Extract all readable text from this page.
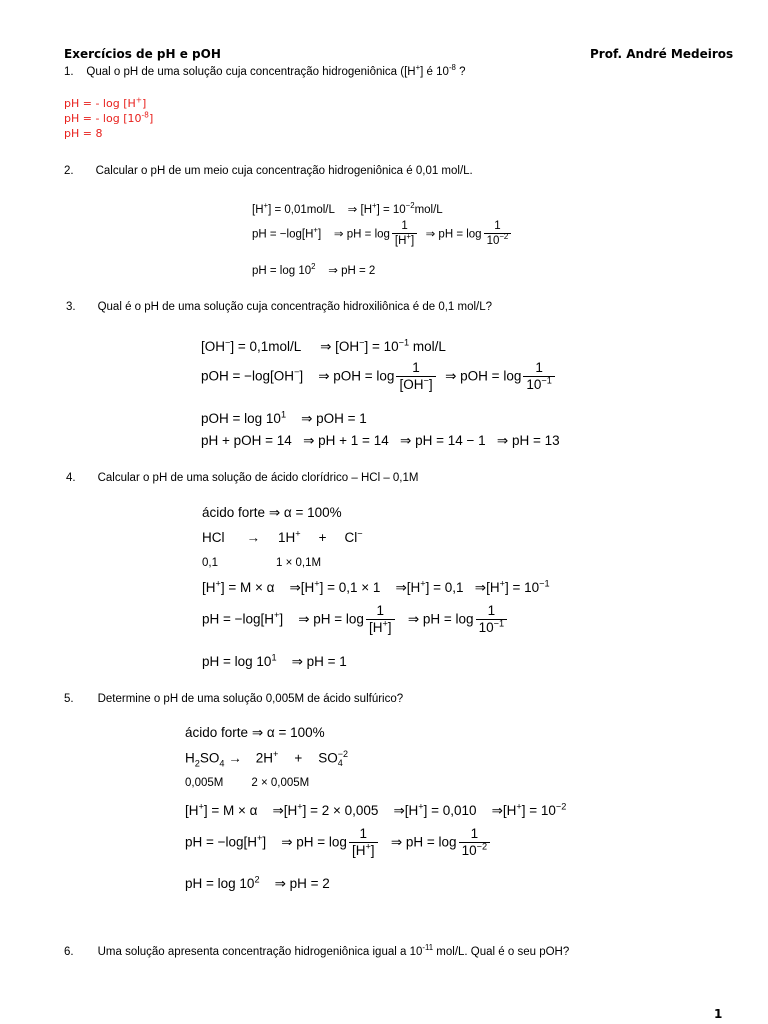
Exercícios de pH e pOH	Prof. André Medeiros
1. Qual o pH de uma solução cuja concentração hidrogeniônica ([H+] é $10^{-8}$ ?
pH = - log [H+]
pH = - $\log [10^{-8}]$
pH = 8
2. Calcular o pH de um meio cuja concentração hidrogeniônica é 0,01 mol/L.
[H+] = 0,01mol/L ⇒ $[H^+] = 10^{-2}mol/L$
pH = −log[H+] ⇒ pH = $\log \frac{1}{[H^+]}$ ⇒ pH = $\log \frac{1}{10^{-2}}$
pH = $\log 10^2$ ⇒ pH = 2
3. Qual é o pH de uma solução cuja concentração hidroxiliônica é de 0,1 mol/L?
[OH−] = 0,1mol/L ⇒ $[OH^-] = 10^{-1}$ mol/L
pOH = −log[OH−] ⇒ pOH = $\log \frac{1}{[OH^-]}$ ⇒ pOH = $\log \frac{1}{10^{-1}}$
pOH = $\log 10^1$ ⇒ pOH = 1
pH + pOH = 14 ⇒ pH + 1 = 14 ⇒ pH = 14 − 1 ⇒ pH = 13
4. Calcular o pH de uma solução de ácido clorídrico – HCl – 0,1M
ácido forte ⇒ α = 100%
HCl → 1H+ + Cl−
0,1	1 × 0,1M
[H+] = M × α ⇒[H+] = 0,1 × 1 ⇒[H+] = 0,1 ⇒[H+] = $10^{-1}$
pH = −log[H+] ⇒ pH = $\log \frac{1}{[H^+]}$ ⇒ pH = $\log \frac{1}{10^{-1}}$
pH = $\log 10^1$ ⇒ pH = 1
5. Determine o pH de uma solução 0,005M de ácido sulfúrico?
ácido forte ⇒ α = 100%
$H_2SO_4 \to 2H^+$ + SO −2
4
0,005M 2 × 0,005M
[H+] = M × α ⇒[H+] = 2 × 0,005 ⇒[H+] = 0,010 ⇒[H+] = $10^{-2}$
pH = −log[H+] ⇒ pH = $\log \frac{1}{[H^+]}$ ⇒ pH = $\log \frac{1}{10^{-2}}$
pH = $\log 10^2$ ⇒ pH = 2
6. Uma solução apresenta concentração hidrogeniônica igual a $10^{-11}$ mol/L. Qual é o seu pOH?
1
